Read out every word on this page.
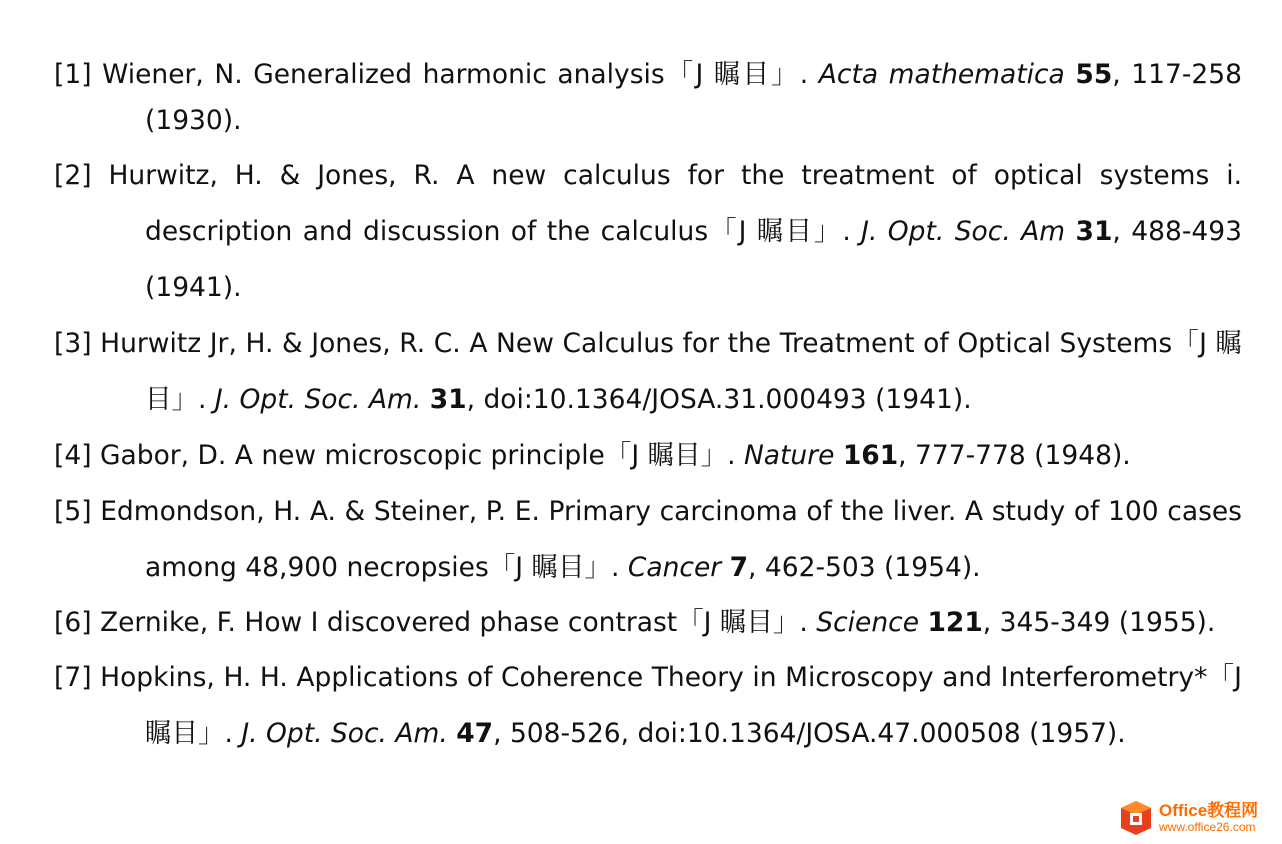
[1] Wiener, N. Generalized harmonic analysis「J 瞩目」. Acta mathematica 55, 117-258 (1930).

[2] Hurwitz, H. & Jones, R. A new calculus for the treatment of optical systems i. description and discussion of the calculus「J 瞩目」. J. Opt. Soc. Am 31, 488-493 (1941).

[3] Hurwitz Jr, H. & Jones, R. C. A New Calculus for the Treatment of Optical Systems「J 瞩目」. J. Opt. Soc. Am. 31, doi:10.1364/JOSA.31.000493 (1941).

[4] Gabor, D. A new microscopic principle「J 瞩目」. Nature 161, 777-778 (1948).

[5] Edmondson, H. A. & Steiner, P. E. Primary carcinoma of the liver. A study of 100 cases among 48,900 necropsies「J 瞩目」. Cancer 7, 462-503 (1954).

[6] Zernike, F. How I discovered phase contrast「J 瞩目」. Science 121, 345-349 (1955).

[7] Hopkins, H. H. Applications of Coherence Theory in Microscopy and Interferometry*「J 瞩目」. J. Opt. Soc. Am. 47, 508-526, doi:10.1364/JOSA.47.000508 (1957).

Office教程网
www.office26.com
